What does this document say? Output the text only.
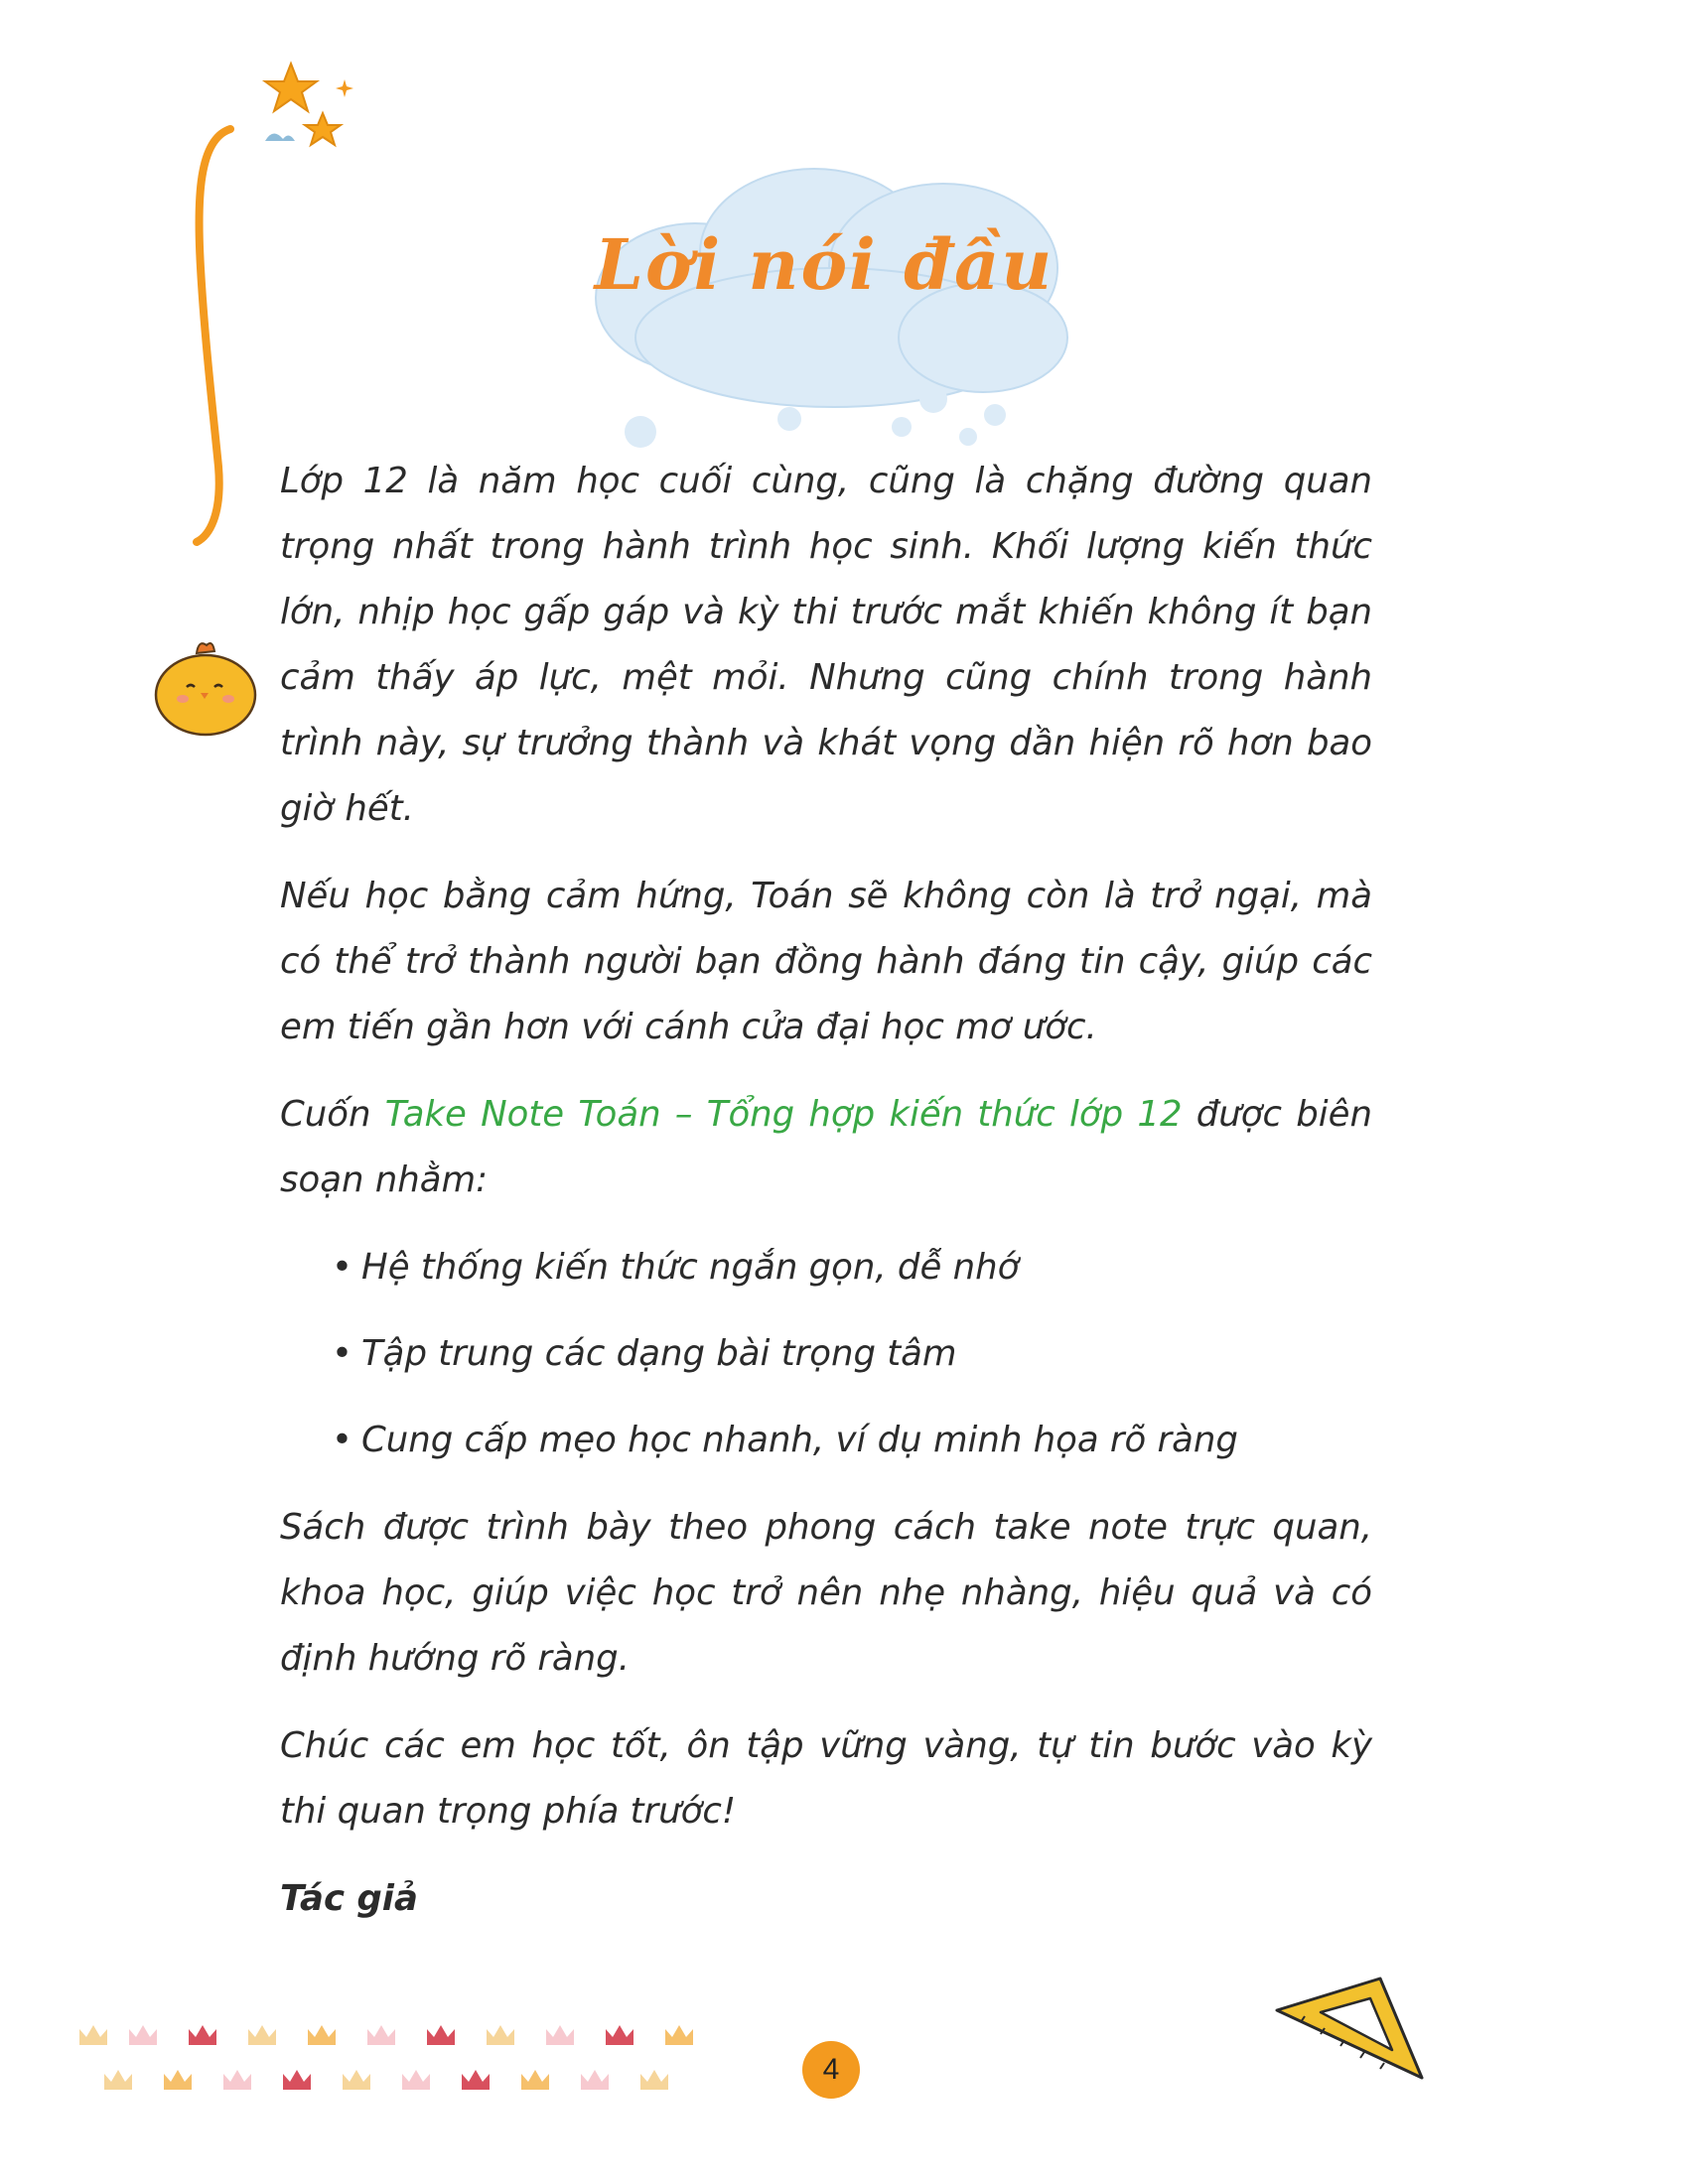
Lời nói đầu

Lớp 12 là năm học cuối cùng, cũng là chặng đường quan trọng nhất trong hành trình học sinh. Khối lượng kiến thức lớn, nhịp học gấp gáp và kỳ thi trước mắt khiến không ít bạn cảm thấy áp lực, mệt mỏi. Nhưng cũng chính trong hành trình này, sự trưởng thành và khát vọng dần hiện rõ hơn bao giờ hết.

Nếu học bằng cảm hứng, Toán sẽ không còn là trở ngại, mà có thể trở thành người bạn đồng hành đáng tin cậy, giúp các em tiến gần hơn với cánh cửa đại học mơ ước.

Cuốn Take Note Toán – Tổng hợp kiến thức lớp 12 được biên soạn nhằm:

• Hệ thống kiến thức ngắn gọn, dễ nhớ
• Tập trung các dạng bài trọng tâm
• Cung cấp mẹo học nhanh, ví dụ minh họa rõ ràng

Sách được trình bày theo phong cách take note trực quan, khoa học, giúp việc học trở nên nhẹ nhàng, hiệu quả và có định hướng rõ ràng.

Chúc các em học tốt, ôn tập vững vàng, tự tin bước vào kỳ thi quan trọng phía trước!

Tác giả

4
